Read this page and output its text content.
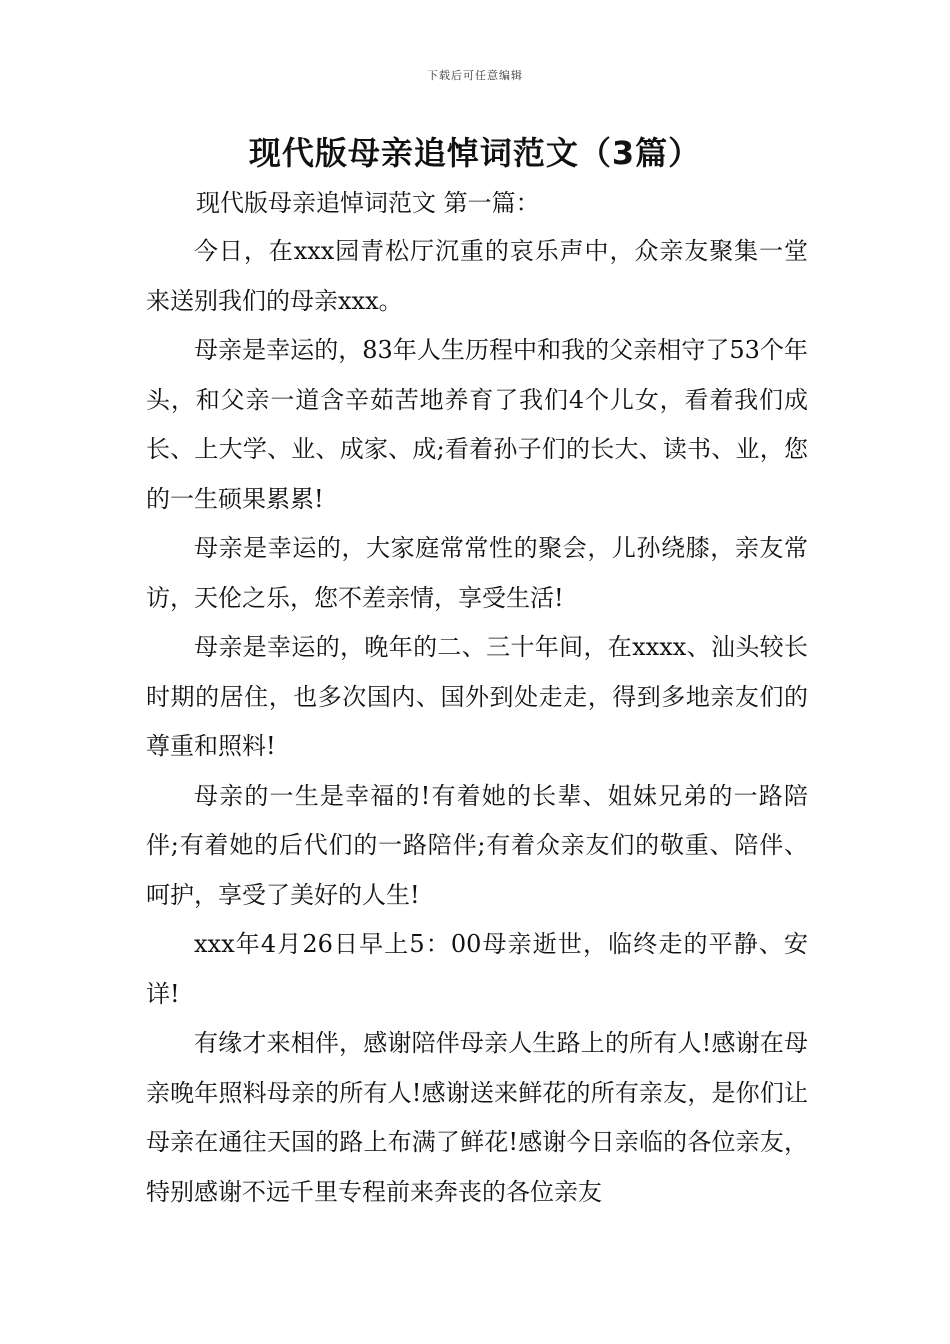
下载后可任意编辑
现代版母亲追悼词范文（3篇）

现代版母亲追悼词范文 第一篇：

今日，在xxx园青松厅沉重的哀乐声中，众亲友聚集一堂来送别我们的母亲xxx。

母亲是幸运的，83年人生历程中和我的父亲相守了53个年头，和父亲一道含辛茹苦地养育了我们4个儿女，看着我们成长、上大学、业、成家、成;看着孙子们的长大、读书、业，您的一生硕果累累!

母亲是幸运的，大家庭常常性的聚会，儿孙绕膝，亲友常访，天伦之乐，您不差亲情，享受生活!

母亲是幸运的，晚年的二、三十年间，在xxxx、汕头较长时期的居住，也多次国内、国外到处走走，得到多地亲友们的尊重和照料!

母亲的一生是幸福的!有着她的长辈、姐妹兄弟的一路陪伴;有着她的后代们的一路陪伴;有着众亲友们的敬重、陪伴、呵护，享受了美好的人生!

xxx年4月26日早上5：00母亲逝世，临终走的平静、安详!

有缘才来相伴，感谢陪伴母亲人生路上的所有人!感谢在母亲晚年照料母亲的所有人!感谢送来鲜花的所有亲友，是你们让母亲在通往天国的路上布满了鲜花!感谢今日亲临的各位亲友，特别感谢不远千里专程前来奔丧的各位亲友
